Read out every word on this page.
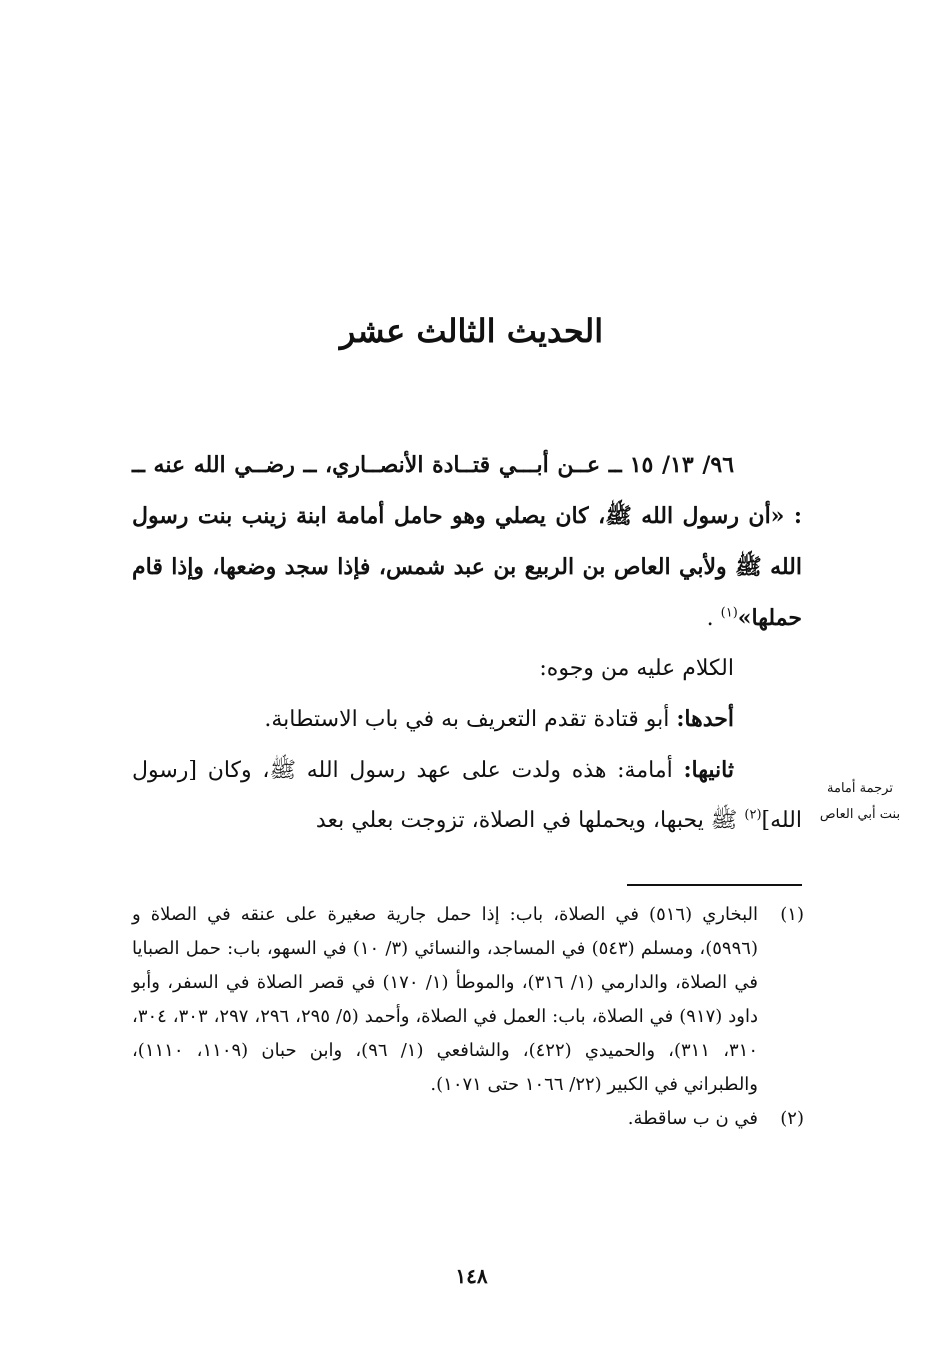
الحديث الثالث عشر

٩٦/ ١٣/ ١٥ ــ عــن أبـــي قتــادة الأنصــاري، ــ رضــي الله عنه ــ : «أن رسول الله ﷺ، كان يصلي وهو حامل أمامة ابنة زينب بنت رسول الله ﷺ ولأبي العاص بن الربيع بن عبد شمس، فإذا سجد وضعها، وإذا قام حملها»$^{(١)}$ .

الكلام عليه من وجوه:

أحدها: أبو قتادة تقدم التعريف به في باب الاستطابة.

ثانيها: أمامة: هذه ولدت على عهد رسول الله ﷺ، وكان [رسول الله]$^{(٢)}$ ﷺ يحبها، ويحملها في الصلاة، تزوجت بعلي بعد

ترجمة أمامة بنت أبي العاص

(١)
البخاري (٥١٦) في الصلاة، باب: إذا حمل جارية صغيرة على عنقه في الصلاة و (٥٩٩٦)، ومسلم (٥٤٣) في المساجد، والنسائي (٣/ ١٠) في السهو، باب: حمل الصبايا في الصلاة، والدارمي (١/ ٣١٦)، والموطأ (١/ ١٧٠) في قصر الصلاة في السفر، وأبو داود (٩١٧) في الصلاة، باب: العمل في الصلاة، وأحمد (٥/ ٢٩٥، ٢٩٦، ٢٩٧، ٣٠٣، ٣٠٤، ٣١٠، ٣١١)، والحميدي (٤٢٢)، والشافعي (١/ ٩٦)، وابن حبان (١١٠٩، ١١١٠)، والطبراني في الكبير (٢٢/ ١٠٦٦ حتى ١٠٧١).
(٢)
في ن ب ساقطة.

١٤٨
